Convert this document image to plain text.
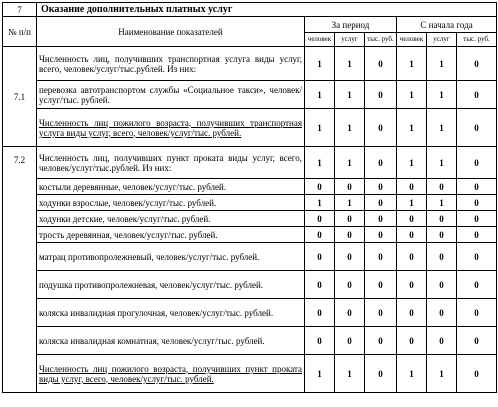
7	Оказание дополнительных платных услуг						
№ п/п	Наименование показателей	За период			С начала года		
		человек	услуг	тыс. руб.	человек	услуг	тыс. руб.
7.1	Численность лиц, получивших транспортная услуга виды услуг, всего, человек/услуг/тыс.рублей. Из них:	1	1	0	1	1	0
	перевозка автотранспортом службы «Социальное такси», человек/услуг/тыс. рублей.	1	1	0	1	1	0
	Численность лиц пожилого возраста, получивших транспортная услуга виды услуг, всего, человек/услуг/тыс. рублей.	1	1	0	1	1	0
7.2	Численность лиц, получивших пункт проката виды услуг, всего, человек/услуг/тыс.рублей. Из них:	1	1	0	1	1	0
	костыли деревянные, человек/услуг/тыс. рублей.	0	0	0	0	0	0
	ходунки взрослые, человек/услуг/тыс. рублей.	1	1	0	1	1	0
	ходунки детские, человек/услуг/тыс. рублей.	0	0	0	0	0	0
	трость деревянная, человек/услуг/тыс. рублей.	0	0	0	0	0	0
	матрац противопролежневый, человек/услуг/тыс. рублей.	0	0	0	0	0	0
	подушка противопролежневая, человек/услуг/тыс. рублей.	0	0	0	0	0	0
	коляска инвалидная прогулочная, человек/услуг/тыс. рублей.	0	0	0	0	0	0
	коляска инвалидная комнатная, человек/услуг/тыс. рублей.	0	0	0	0	0	0
	Численность лиц пожилого возраста, получивших пункт проката виды услуг, всего, человек/услуг/тыс. рублей.	1	1	0	1	1	0
